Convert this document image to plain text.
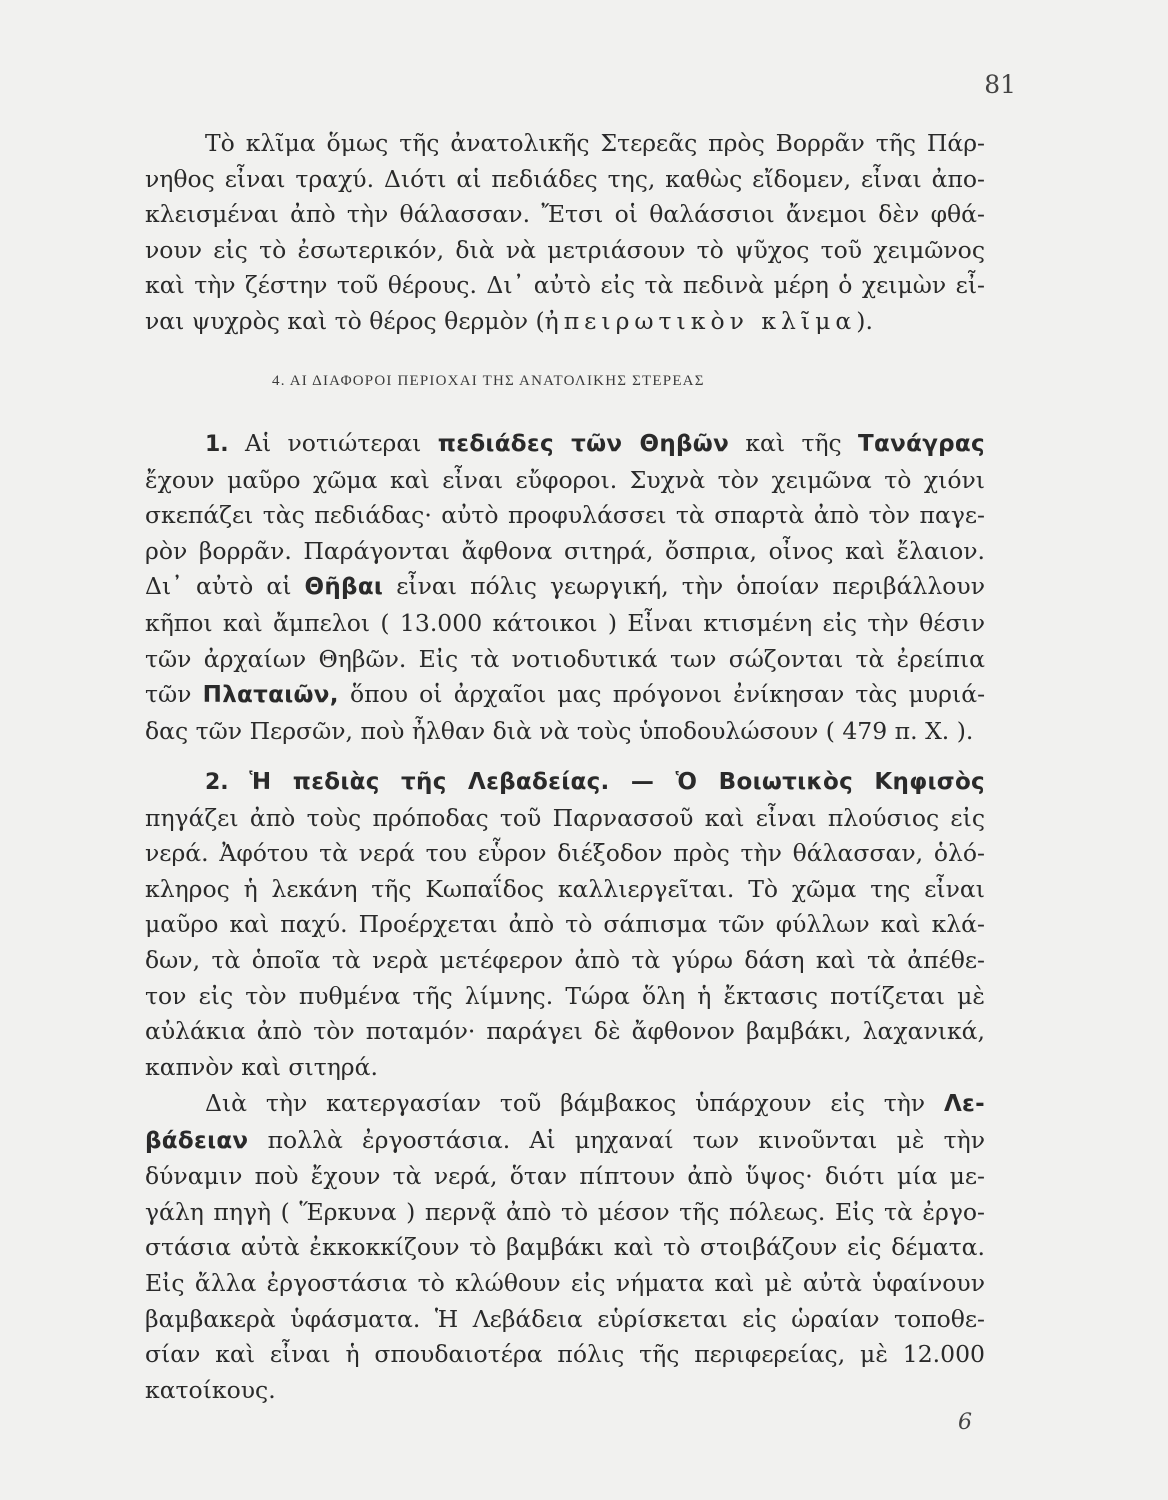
81
Τὸ κλῖμα ὅμως τῆς ἀνατολικῆς Στερεᾶς πρὸς Βορρᾶν τῆς Πάρ-
νηθος εἶναι τραχύ. Διότι αἱ πεδιάδες της, καθὼς εἴδομεν, εἶναι ἀπο-
κλεισμέναι ἀπὸ τὴν θάλασσαν. Ἔτσι οἱ θαλάσσιοι ἄνεμοι δὲν φθά-
νουν εἰς τὸ ἐσωτερικόν, διὰ νὰ μετριάσουν τὸ ψῦχος τοῦ χειμῶνος
καὶ τὴν ζέστην τοῦ θέρους. Δι᾽ αὐτὸ εἰς τὰ πεδινὰ μέρη ὁ χειμὼν εἶ-
ναι ψυχρὸς καὶ τὸ θέρος θερμὸν (ἠπειρωτικὸν κλῖμα).
4. ΑΙ ΔΙΑΦΟΡΟΙ ΠΕΡΙΟΧΑΙ ΤΗΣ ΑΝΑΤΟΛΙΚΗΣ ΣΤΕΡΕΑΣ
1. Αἱ νοτιώτεραι πεδιάδες τῶν Θηβῶν καὶ τῆς Τανάγρας
ἔχουν μαῦρο χῶμα καὶ εἶναι εὔφοροι. Συχνὰ τὸν χειμῶνα τὸ χιόνι
σκεπάζει τὰς πεδιάδας· αὐτὸ προφυλάσσει τὰ σπαρτὰ ἀπὸ τὸν παγε-
ρὸν βορρᾶν. Παράγονται ἄφθονα σιτηρά, ὄσπρια, οἶνος καὶ ἔλαιον.
Δι᾽ αὐτὸ αἱ Θῆβαι εἶναι πόλις γεωργική, τὴν ὁποίαν περιβάλλουν
κῆποι καὶ ἄμπελοι ( 13.000 κάτοικοι ) Εἶναι κτισμένη εἰς τὴν θέσιν
τῶν ἀρχαίων Θηβῶν. Εἰς τὰ νοτιοδυτικά των σώζονται τὰ ἐρείπια
τῶν Πλαταιῶν, ὅπου οἱ ἀρχαῖοι μας πρόγονοι ἐνίκησαν τὰς μυριά-
δας τῶν Περσῶν, ποὺ ἦλθαν διὰ νὰ τοὺς ὑποδουλώσουν ( 479 π. Χ. ).
2. Ἡ πεδιὰς τῆς Λεβαδείας. — Ὁ Βοιωτικὸς Κηφισὸς
πηγάζει ἀπὸ τοὺς πρόποδας τοῦ Παρνασσοῦ καὶ εἶναι πλούσιος εἰς
νερά. Ἀφότου τὰ νερά του εὗρον διέξοδον πρὸς τὴν θάλασσαν, ὁλό-
κληρος ἡ λεκάνη τῆς Κωπαΐδος καλλιεργεῖται. Τὸ χῶμα της εἶναι
μαῦρο καὶ παχύ. Προέρχεται ἀπὸ τὸ σάπισμα τῶν φύλλων καὶ κλά-
δων, τὰ ὁποῖα τὰ νερὰ μετέφερον ἀπὸ τὰ γύρω δάση καὶ τὰ ἀπέθε-
τον εἰς τὸν πυθμένα τῆς λίμνης. Τώρα ὅλη ἡ ἔκτασις ποτίζεται μὲ
αὐλάκια ἀπὸ τὸν ποταμόν· παράγει δὲ ἄφθονον βαμβάκι, λαχανικά,
καπνὸν καὶ σιτηρά.
Διὰ τὴν κατεργασίαν τοῦ βάμβακος ὑπάρχουν εἰς τὴν Λε-
βάδειαν πολλὰ ἐργοστάσια. Αἱ μηχαναί των κινοῦνται μὲ τὴν
δύναμιν ποὺ ἔχουν τὰ νερά, ὅταν πίπτουν ἀπὸ ὕψος· διότι μία με-
γάλη πηγὴ ( Ἕρκυνα ) περνᾷ ἀπὸ τὸ μέσον τῆς πόλεως. Εἰς τὰ ἐργο-
στάσια αὐτὰ ἐκκοκκίζουν τὸ βαμβάκι καὶ τὸ στοιβάζουν εἰς δέματα.
Εἰς ἄλλα ἐργοστάσια τὸ κλώθουν εἰς νήματα καὶ μὲ αὐτὰ ὑφαίνουν
βαμβακερὰ ὑφάσματα. Ἡ Λεβάδεια εὑρίσκεται εἰς ὡραίαν τοποθε-
σίαν καὶ εἶναι ἡ σπουδαιοτέρα πόλις τῆς περιφερείας, μὲ 12.000
κατοίκους.
6
